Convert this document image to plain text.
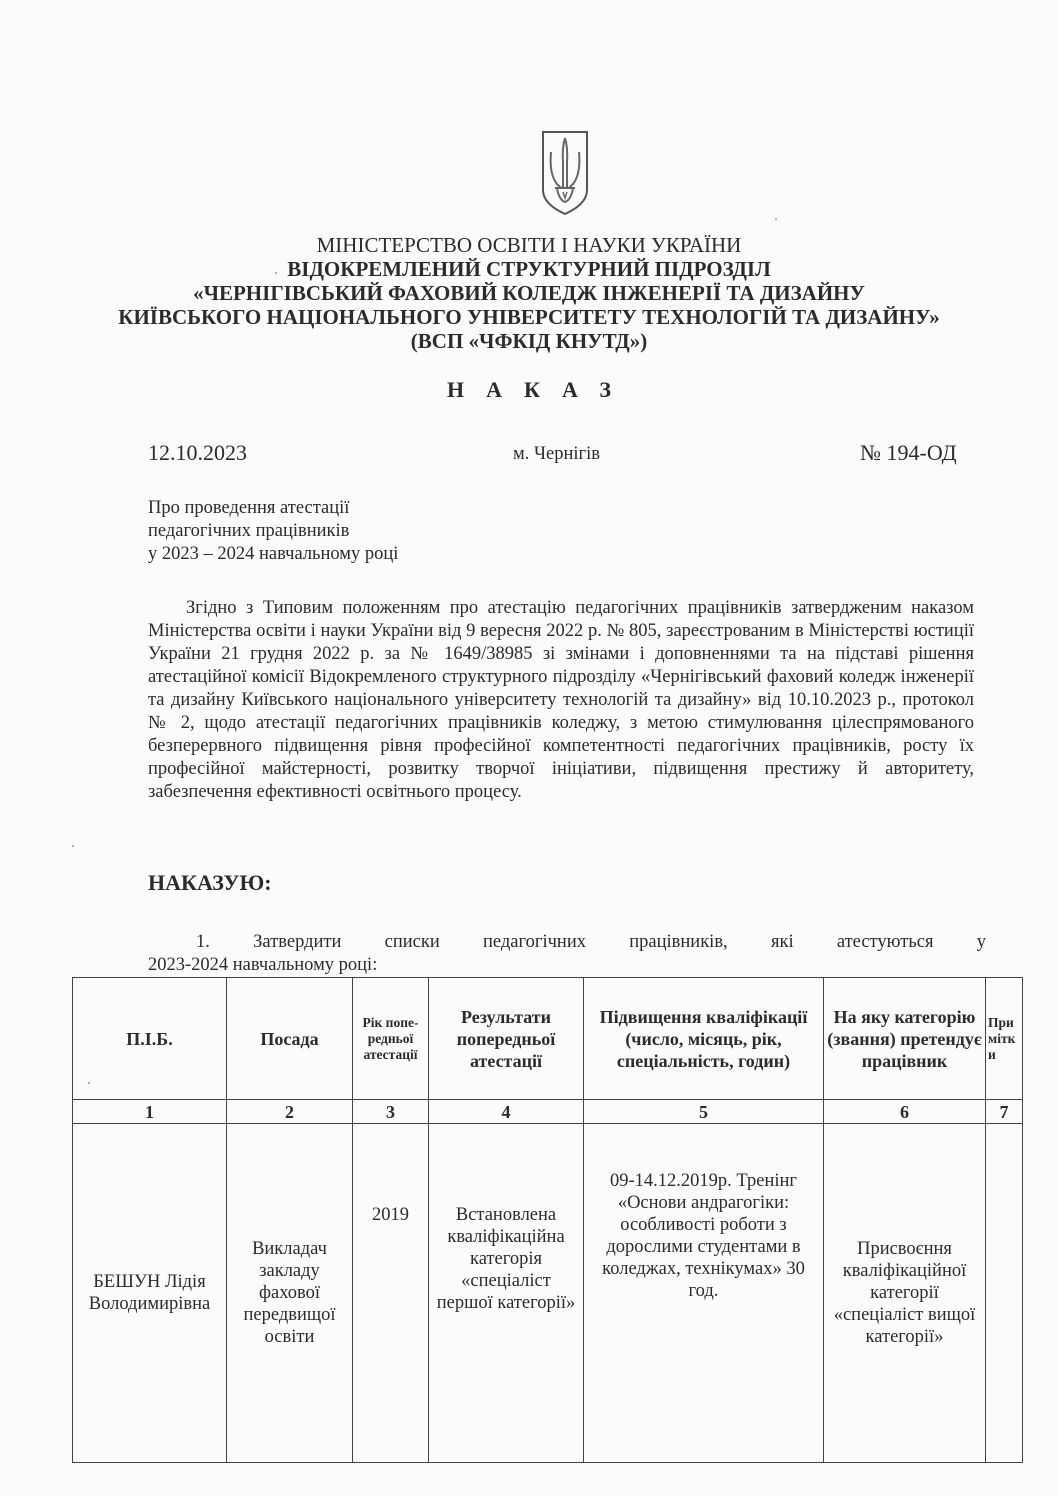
МІНІСТЕРСТВО ОСВІТИ І НАУКИ УКРАЇНИ
ВІДОКРЕМЛЕНИЙ СТРУКТУРНИЙ ПІДРОЗДІЛ
«ЧЕРНІГІВСЬКИЙ ФАХОВИЙ КОЛЕДЖ ІНЖЕНЕРІЇ ТА ДИЗАЙНУ
КИЇВСЬКОГО НАЦІОНАЛЬНОГО УНІВЕРСИТЕТУ ТЕХНОЛОГІЙ ТА ДИЗАЙНУ»
(ВСП «ЧФКІД КНУТД»)
НАКАЗ
12.10.2023	м. Чернігів	№ 194-ОД
Про проведення атестації
педагогічних працівників
у 2023 – 2024 навчальному році
Згідно з Типовим положенням про атестацію педагогічних працівників затвердженим наказом Міністерства освіти і науки України від 9 вересня 2022 р. № 805, зареєстрованим в Міністерстві юстиції України 21 грудня 2022 р. за № 1649/38985 зі змінами і доповненнями та на підставі рішення атестаційної комісії Відокремленого структурного підрозділу «Чернігівський фаховий коледж інженерії та дизайну Київського національного університету технологій та дизайну» від 10.10.2023 р., протокол № 2, щодо атестації педагогічних працівників коледжу, з метою стимулювання цілеспрямованого безперервного підвищення рівня професійної компетентності педагогічних працівників, росту їх професійної майстерності, розвитку творчої ініціативи, підвищення престижу й авторитету, забезпечення ефективності освітнього процесу.
НАКАЗУЮ:
1. Затвердити списки педагогічних працівників, які атестуються у
2023-2024 навчальному році:
П.І.Б.	Посада	Рік попе-редньої атестації	Результати попередньої атестації	Підвищення кваліфікації (число, місяць, рік, спеціальність, годин)	На яку категорію (звання) претендує працівник	При мітк и
1	2	3	4	5	6	7
БЕШУН Лідія Володимирівна	Викладач закладу фахової передвищої освіти	2019	Встановлена кваліфікаційна категорія «спеціаліст першої категорії»	09-14.12.2019р. Тренінг «Основи андрагогіки: особливості роботи з дорослими студентами в коледжах, технікумах» 30 год.	Присвоєння кваліфікаційної категорії «спеціаліст вищої категорії»	
